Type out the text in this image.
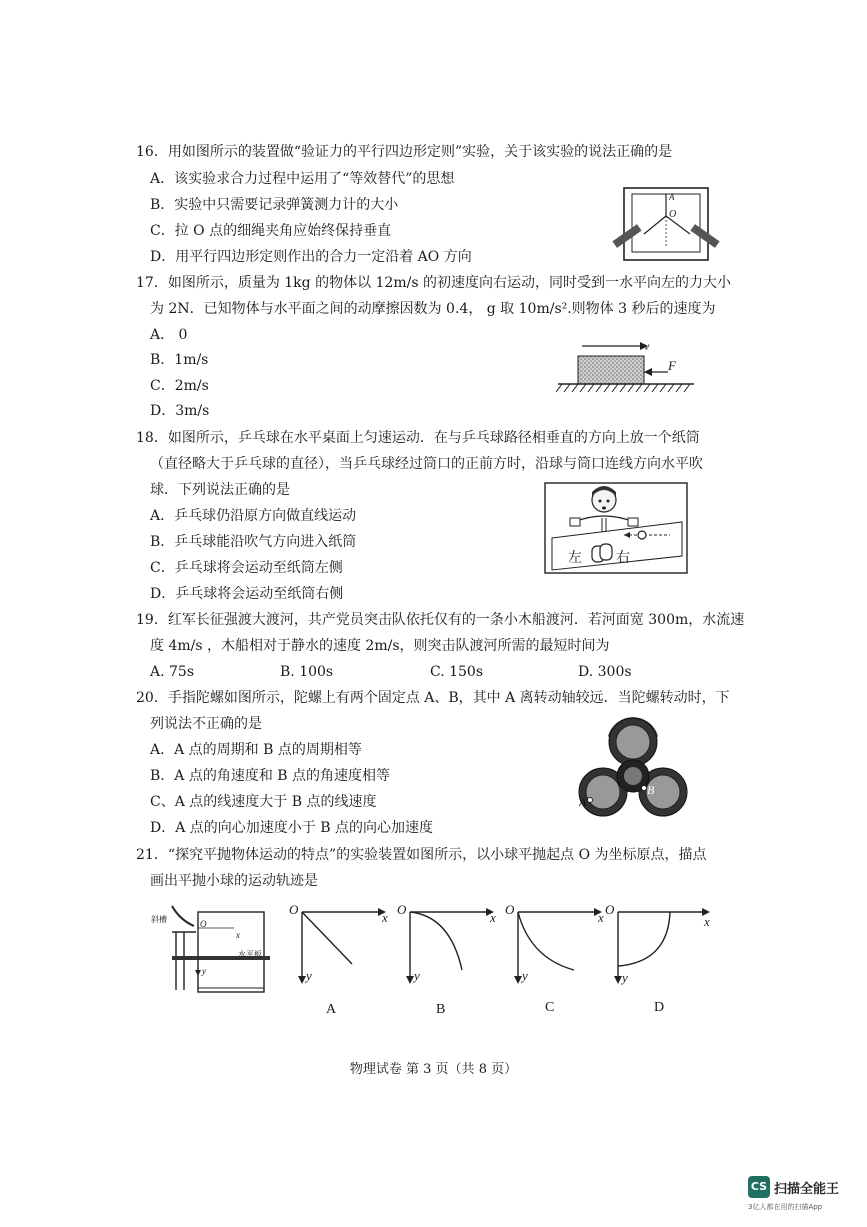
16．用如图所示的装置做“验证力的平行四边形定则”实验，关于该实验的说法正确的是
A．该实验求合力过程中运用了“等效替代”的思想
B．实验中只需要记录弹簧测力计的大小
C．拉 O 点的细绳夹角应始终保持垂直
D．用平行四边形定则作出的合力一定沿着 AO 方向
O
A
17．如图所示，质量为 1kg 的物体以 12m/s 的初速度向右运动，同时受到一水平向左的力大小
为 2N．已知物体与水平面之间的动摩擦因数为 0.4， g 取 10m/s².则物体 3 秒后的速度为
A． 0
B．1m/s
C．2m/s
D．3m/s
v
F
18．如图所示，乒乓球在水平桌面上匀速运动．在与乒乓球路径相垂直的方向上放一个纸筒
（直径略大于乒乓球的直径），当乒乓球经过筒口的正前方时，沿球与筒口连线方向水平吹
球．下列说法正确的是
A．乒乓球仍沿原方向做直线运动
B．乒乓球能沿吹气方向进入纸筒
C．乒乓球将会运动至纸筒左侧
D．乒乓球将会运动至纸筒右侧
左 右
19．红军长征强渡大渡河，共产党员突击队依托仅有的一条小木船渡河．若河面宽 300m，水流速
度 4m/s ，木船相对于静水的速度 2m/s，则突击队渡河所需的最短时间为
A. 75s	B. 100s	C. 150s	D. 300s
20．手指陀螺如图所示，陀螺上有两个固定点 A、B，其中 A 离转动轴较远．当陀螺转动时，下
列说法不正确的是
A．A 点的周期和 B 点的周期相等
B．A 点的角速度和 B 点的角速度相等
C、A 点的线速度大于 B 点的线速度
D．A 点的向心加速度小于 B 点的向心加速度
A
B
21．“探究平抛物体运动的特点”的实验装置如图所示，以小球平抛起点 O 为坐标原点，描点
画出平抛小球的运动轨迹是
斜槽
水平板
O
x
y
O
x
y
A
O
x
y
B
O
x
y
C
O
x
y
D
物理试卷 第 3 页（共 8 页）
CS 扫描全能王
3亿人都在用的扫描App
